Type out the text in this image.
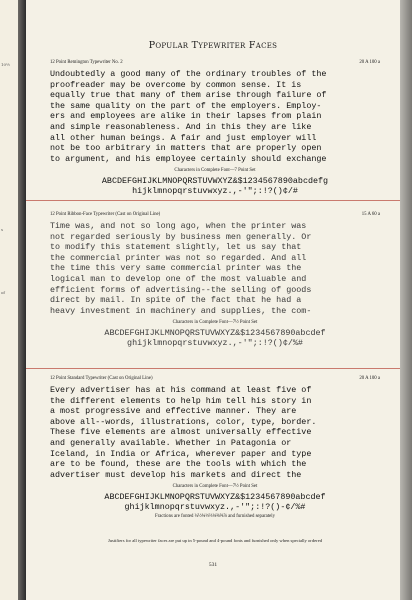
10½
s
of
Popular Typewriter Faces
12 Point Remington Typewriter No. 2	20 A 100 a
Undoubtedly a good many of the ordinary troubles of the
proofreader may be overcome by common sense. It is
equally true that many of them arise through failure of
the same quality on the part of the employers. Employ-
ers and employees are alike in their lapses from plain
and simple reasonableness. And in this they are like
all other human beings. A fair and just employer will
not be too arbitrary in matters that are properly open
to argument, and his employee certainly should exchange
Characters in Complete Font—7 Point Set
ABCDEFGHIJKLMNOPQRSTUVWXYZ&$1234567890abcdefg
hijklmnopqrstuvwxyz.,-'";:!?()¢/#
12 Point Ribbon-Face Typewriter (Cast on Original Line)	15 A 60 a
Time was, and not so long ago, when the printer was
not regarded seriously by business men generally. Or
to modify this statement slightly, let us say that
the commercial printer was not so regarded. And all
the time this very same commercial printer was the
logical man to develop one of the most valuable and
efficient forms of advertising--the selling of goods
direct by mail. In spite of the fact that he had a
heavy investment in machinery and supplies, the com-
Characters in Complete Font—7½ Point Set
ABCDEFGHIJKLMNOPQRSTUVWXYZ&$1234567890abcdef
ghijklmnopqrstuvwxyz.,-'";:!?()¢/%#
12 Point Standard Typewriter (Cast on Original Line)	20 A 100 a
Every advertiser has at his command at least five of
the different elements to help him tell his story in
a most progressive and effective manner. They are
above all--words, illustrations, color, type, border.
These five elements are almost universally effective
and generally available. Whether in Patagonia or
Iceland, in India or Africa, wherever paper and type
are to be found, these are the tools with which the
advertiser must develop his markets and direct the
Characters in Complete Font—7½ Point Set
ABCDEFGHIJKLMNOPQRSTUVWXYZ&$1234567890abcdef
ghijklmnopqrstuvwxyz.,-'";:!?()-¢/%#
Fractions are fonted ¼½¾⅓⅔⅛⅜⅝⅞ and furnished separately
Justifiers for all typewriter faces are put up in 5-pound and 4-pound fonts and furnished only when specially ordered
531
